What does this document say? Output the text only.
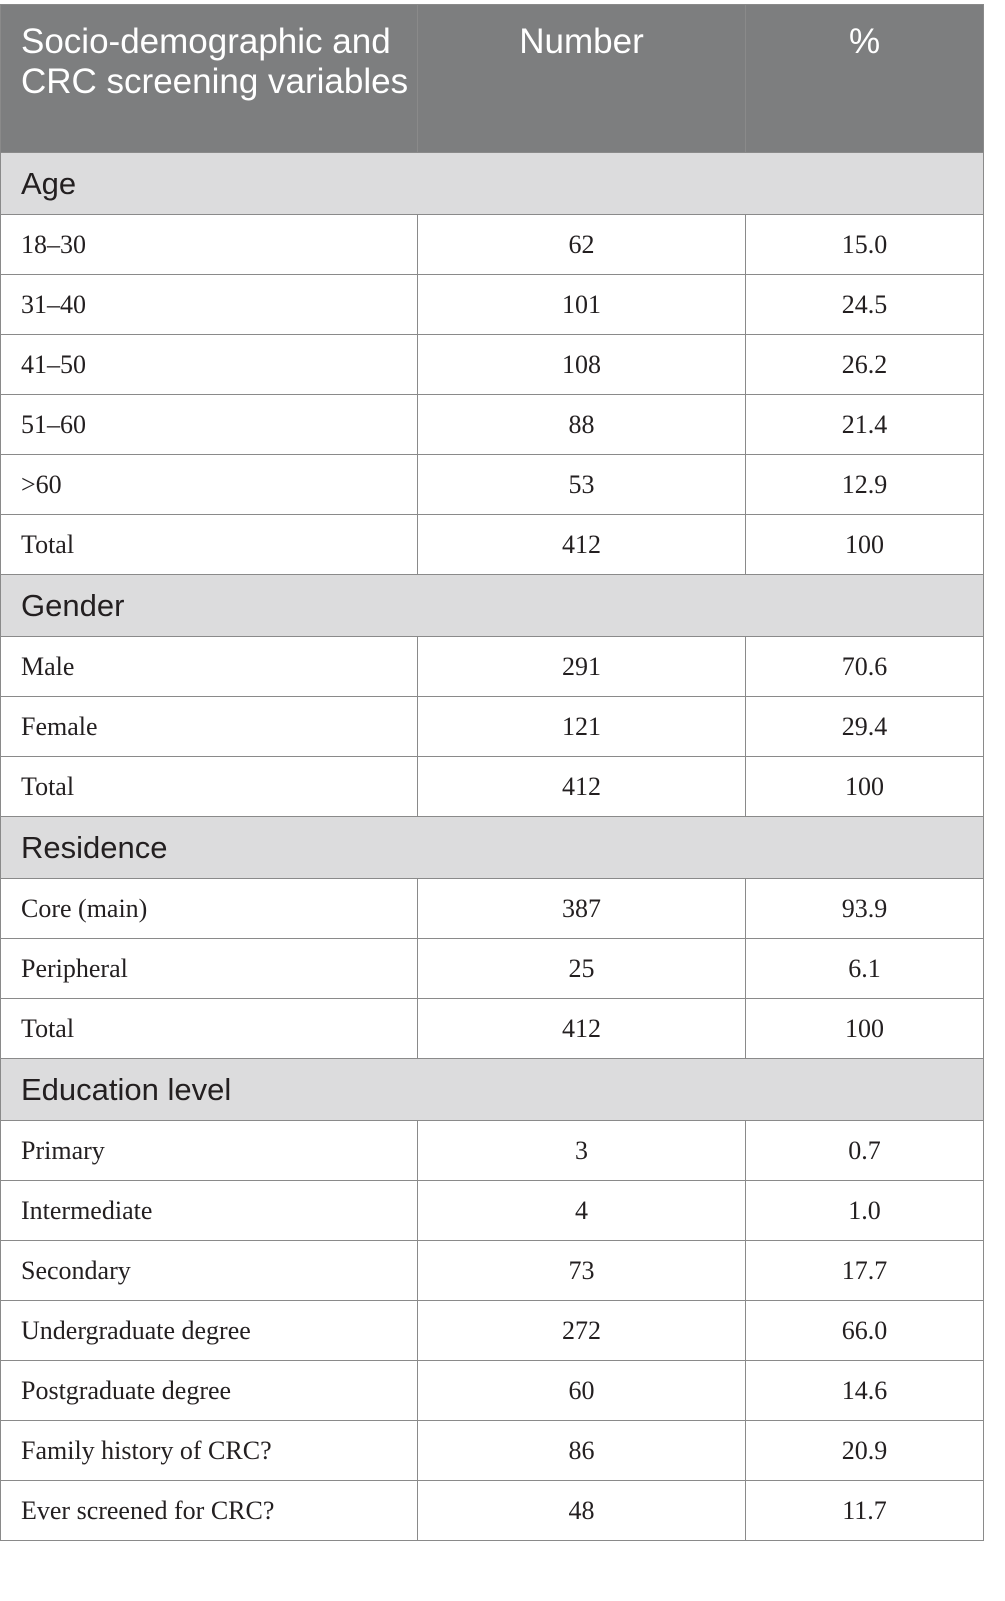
Socio-demographic and CRC screening variables	Number	%
Age		
18–30	62	15.0
31–40	101	24.5
41–50	108	26.2
51–60	88	21.4
>60	53	12.9
Total	412	100
Gender		
Male	291	70.6
Female	121	29.4
Total	412	100
Residence		
Core (main)	387	93.9
Peripheral	25	6.1
Total	412	100
Education level		
Primary	3	0.7
Intermediate	4	1.0
Secondary	73	17.7
Undergraduate degree	272	66.0
Postgraduate degree	60	14.6
Family history of CRC?	86	20.9
Ever screened for CRC?	48	11.7
